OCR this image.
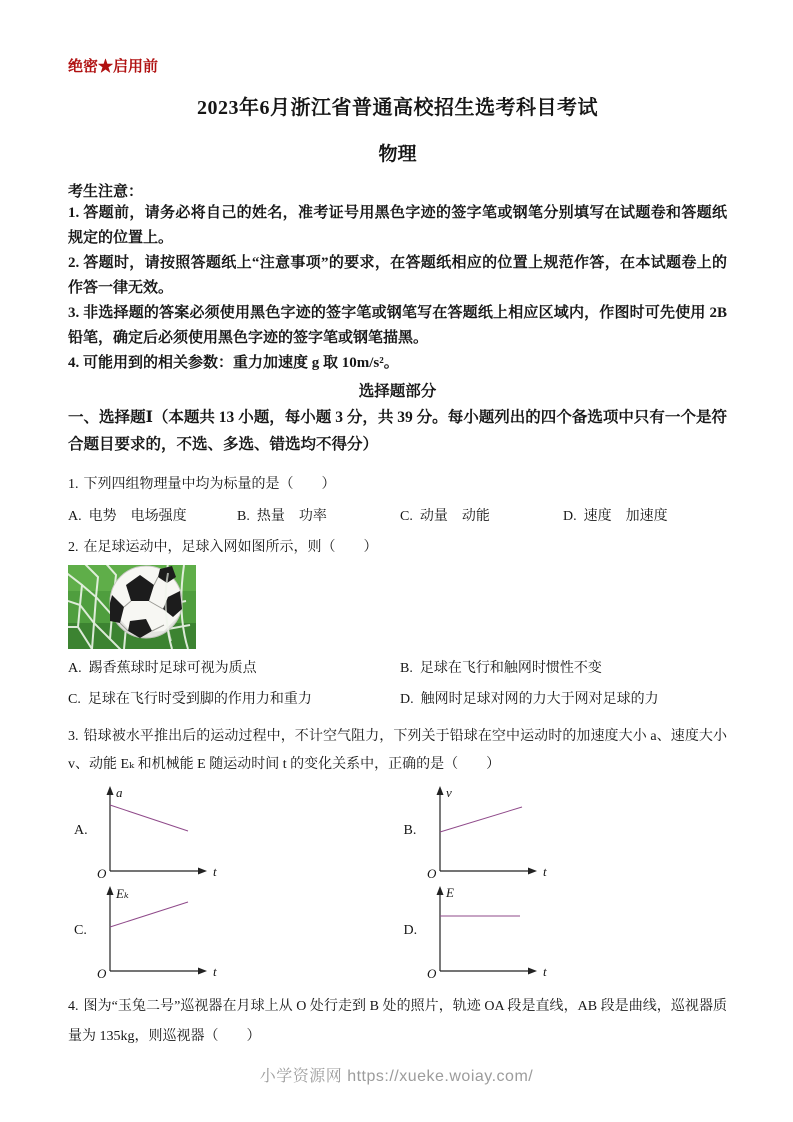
绝密★启用前
2023年6月浙江省普通高校招生选考科目考试
物理
考生注意：

1. 答题前，请务必将自己的姓名，准考证号用黑色字迹的签字笔或钢笔分别填写在试题卷和答题纸规定的位置上。

2. 答题时，请按照答题纸上“注意事项”的要求，在答题纸相应的位置上规范作答，在本试题卷上的作答一律无效。

3. 非选择题的答案必须使用黑色字迹的签字笔或钢笔写在答题纸上相应区域内，作图时可先使用 2B 铅笔，确定后必须使用黑色字迹的签字笔或钢笔描黑。

4. 可能用到的相关参数：重力加速度 g 取 10m/s²。

选择题部分

一、选择题Ⅰ（本题共 13 小题，每小题 3 分，共 39 分。每小题列出的四个备选项中只有一个是符合题目要求的，不选、多选、错选均不得分）

1. 下列四组物理量中均为标量的是（　　）

A. 电势　电场强度	B. 热量　功率	C. 动量　动能	D. 速度　加速度

2. 在足球运动中，足球入网如图所示，则（　　）

A. 踢香蕉球时足球可视为质点	B. 足球在飞行和触网时惯性不变
C. 足球在飞行时受到脚的作用力和重力	D. 触网时足球对网的力大于网对足球的力

3. 铅球被水平推出后的运动过程中，不计空气阻力，下列关于铅球在空中运动时的加速度大小 a、速度大小 v、动能 Eₖ 和机械能 E 随运动时间 t 的变化关系中，正确的是（　　）

A.
a
t
O
B.
v
t
O
C.
Eₖ
t
O
D.
E
t
O

4. 图为“玉兔二号”巡视器在月球上从 O 处行走到 B 处的照片，轨迹 OA 段是直线，AB 段是曲线，巡视器质量为 135kg，则巡视器（　　）

小学资源网 https://xueke.woiay.com/
